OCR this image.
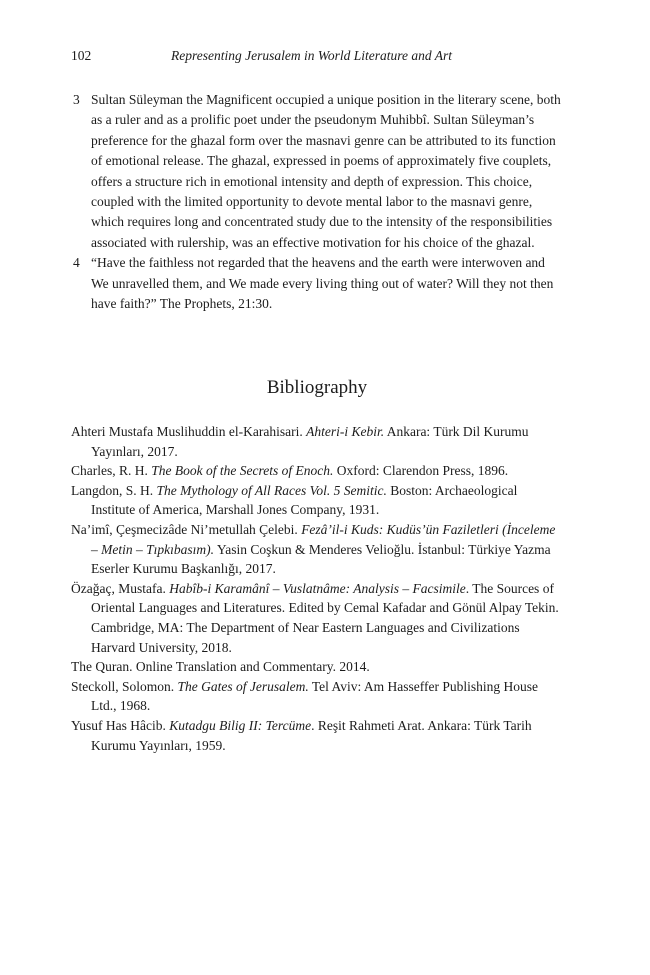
102	Representing Jerusalem in World Literature and Art
3 Sultan Süleyman the Magnificent occupied a unique position in the literary scene, both as a ruler and as a prolific poet under the pseudonym Muhibbî. Sultan Süleyman’s preference for the ghazal form over the masnavi genre can be attributed to its function of emotional release. The ghazal, expressed in poems of approximately five couplets, offers a structure rich in emotional intensity and depth of expression. This choice, coupled with the limited opportunity to devote mental labor to the masnavi genre, which requires long and concentrated study due to the intensity of the responsibilities associated with rulership, was an effective motivation for his choice of the ghazal.
4 “Have the faithless not regarded that the heavens and the earth were interwoven and We unravelled them, and We made every living thing out of water? Will they not then have faith?” The Prophets, 21:30.
Bibliography
Ahteri Mustafa Muslihuddin el-Karahisari. Ahteri-i Kebir. Ankara: Türk Dil Kurumu Yayınları, 2017.
Charles, R. H. The Book of the Secrets of Enoch. Oxford: Clarendon Press, 1896.
Langdon, S. H. The Mythology of All Races Vol. 5 Semitic. Boston: Archaeological Institute of America, Marshall Jones Company, 1931.
Na’imî, Çeşmecizâde Ni’metullah Çelebi. Fezâ’il-i Kuds: Kudüs’ün Faziletleri (İnceleme – Metin – Tıpkıbasım). Yasin Coşkun & Menderes Velioğlu. İstanbul: Türkiye Yazma Eserler Kurumu Başkanlığı, 2017.
Özağaç, Mustafa. Habîb-i Karamânî – Vuslatnâme: Analysis – Facsimile. The Sources of Oriental Languages and Literatures. Edited by Cemal Kafadar and Gönül Alpay Tekin. Cambridge, MA: The Department of Near Eastern Languages and Civilizations Harvard University, 2018.
The Quran. Online Translation and Commentary. 2014.
Steckoll, Solomon. The Gates of Jerusalem. Tel Aviv: Am Hasseffer Publishing House Ltd., 1968.
Yusuf Has Hâcib. Kutadgu Bilig II: Tercüme. Reşit Rahmeti Arat. Ankara: Türk Tarih Kurumu Yayınları, 1959.
